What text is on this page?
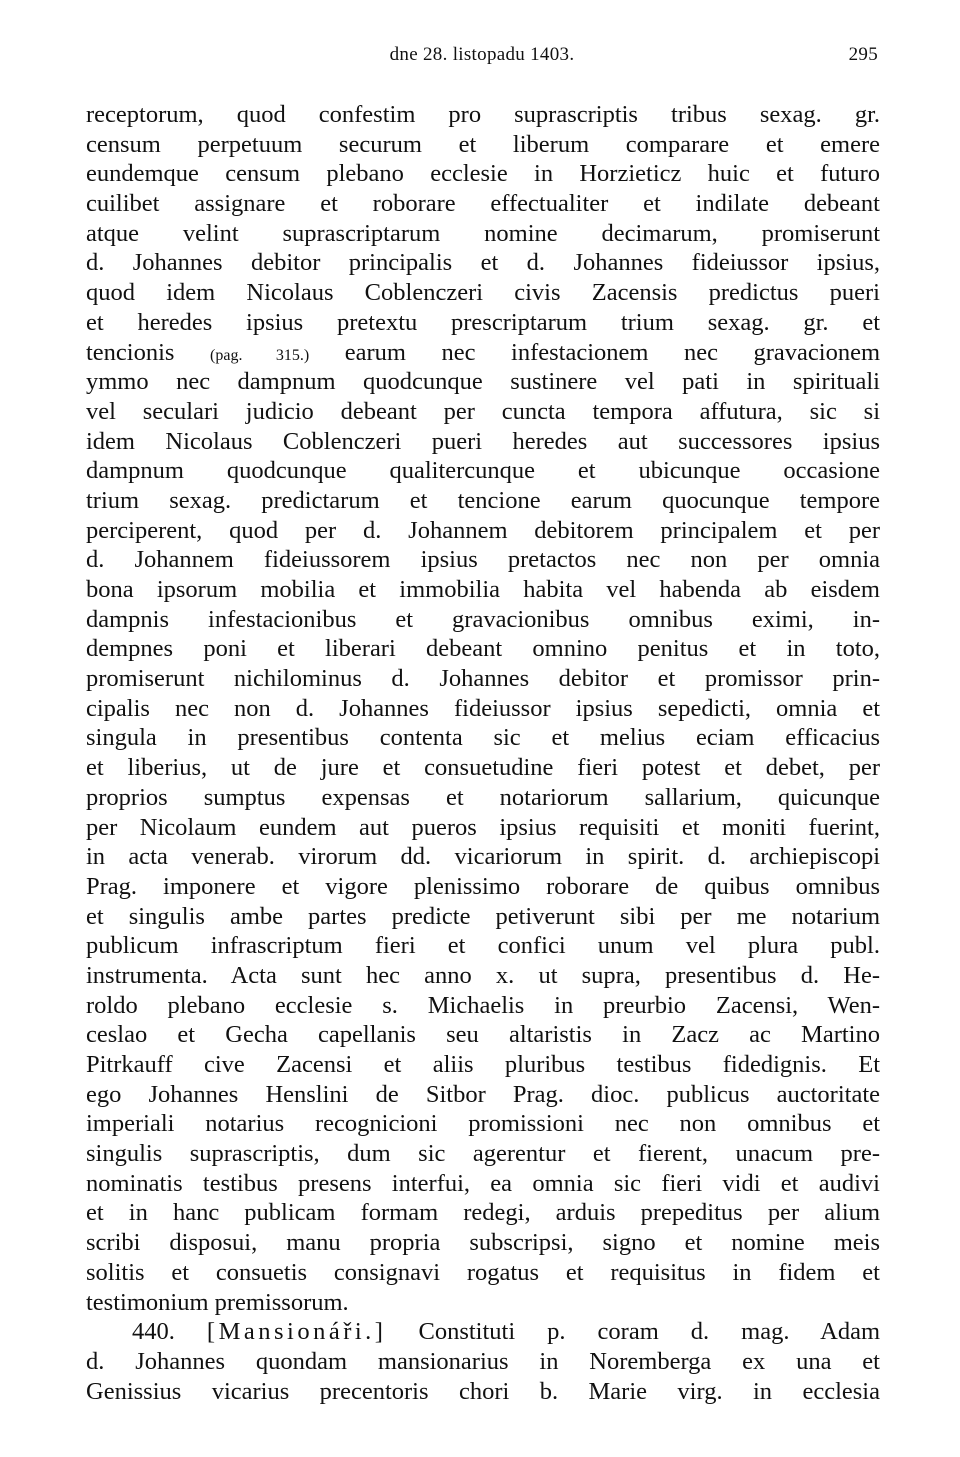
dne 28. listopadu 1403.	295
receptorum, quod confestim pro suprascriptis tribus sexag. gr.
censum perpetuum securum et liberum comparare et emere
eundemque censum plebano ecclesie in Horzieticz huic et futuro
cuilibet assignare et roborare effectualiter et indilate debeant
atque velint suprascriptarum nomine decimarum, promiserunt
d. Johannes debitor principalis et d. Johannes fideiussor ipsius,
quod idem Nicolaus Coblenczeri civis Zacensis predictus pueri
et heredes ipsius pretextu prescriptarum trium sexag. gr. et
tencionis (pag. 315.) earum nec infestacionem nec gravacionem
ymmo nec dampnum quodcunque sustinere vel pati in spirituali
vel seculari judicio debeant per cuncta tempora affutura, sic si
idem Nicolaus Coblenczeri pueri heredes aut successores ipsius
dampnum quodcunque qualitercunque et ubicunque occasione
trium sexag. predictarum et tencione earum quocunque tempore
perciperent, quod per d. Johannem debitorem principalem et per
d. Johannem fideiussorem ipsius pretactos nec non per omnia
bona ipsorum mobilia et immobilia habita vel habenda ab eisdem
dampnis infestacionibus et gravacionibus omnibus eximi, in-
dempnes poni et liberari debeant omnino penitus et in toto,
promiserunt nichilominus d. Johannes debitor et promissor prin-
cipalis nec non d. Johannes fideiussor ipsius sepedicti, omnia et
singula in presentibus contenta sic et melius eciam efficacius
et liberius, ut de jure et consuetudine fieri potest et debet, per
proprios sumptus expensas et notariorum sallarium, quicunque
per Nicolaum eundem aut pueros ipsius requisiti et moniti fuerint,
in acta venerab. virorum dd. vicariorum in spirit. d. archiepiscopi
Prag. imponere et vigore plenissimo roborare de quibus omnibus
et singulis ambe partes predicte petiverunt sibi per me notarium
publicum infrascriptum fieri et confici unum vel plura publ.
instrumenta. Acta sunt hec anno x. ut supra, presentibus d. He-
roldo plebano ecclesie s. Michaelis in preurbio Zacensi, Wen-
ceslao et Gecha capellanis seu altaristis in Zacz ac Martino
Pitrkauff cive Zacensi et aliis pluribus testibus fidedignis. Et
ego Johannes Henslini de Sitbor Prag. dioc. publicus auctoritate
imperiali notarius recognicioni promissioni nec non omnibus et
singulis suprascriptis, dum sic agerentur et fierent, unacum pre-
nominatis testibus presens interfui, ea omnia sic fieri vidi et audivi
et in hanc publicam formam redegi, arduis prepeditus per alium
scribi disposui, manu propria subscripsi, signo et nomine meis
solitis et consuetis consignavi rogatus et requisitus in fidem et
testimonium premissorum.
440. [Mansionáři.] Constituti p. coram d. mag. Adam
d. Johannes quondam mansionarius in Noremberga ex una et
Genissius vicarius precentoris chori b. Marie virg. in ecclesia
